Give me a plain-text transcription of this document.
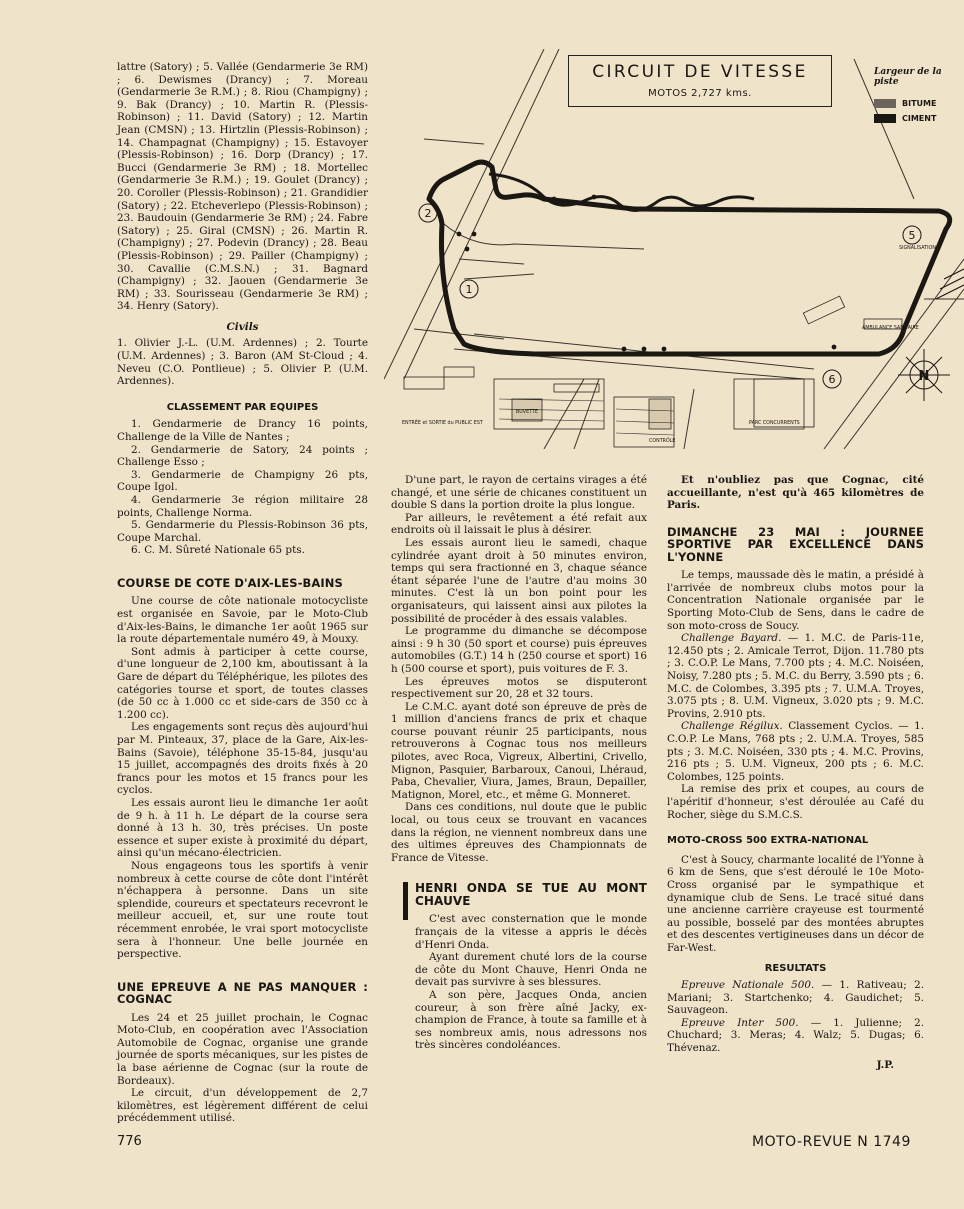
lattre (Satory) ; 5. Vallée (Gendarmerie 3e RM) ; 6. Dewismes (Drancy) ; 7. Moreau (Gendarmerie 3e R.M.) ; 8. Riou (Champigny) ; 9. Bak (Drancy) ; 10. Martin R. (Plessis-Robinson) ; 11. David (Satory) ; 12. Martin Jean (CMSN) ; 13. Hirtzlin (Plessis-Robinson) ; 14. Champagnat (Champigny) ; 15. Estavoyer (Plessis-Robinson) ; 16. Dorp (Drancy) ; 17. Bucci (Gendarmerie 3e RM) ; 18. Mortellec (Gendarmerie 3e R.M.) ; 19. Goulet (Drancy) ; 20. Coroller (Plessis-Robinson) ; 21. Grandidier (Satory) ; 22. Etcheverlepo (Plessis-Robinson) ; 23. Baudouin (Gendarmerie 3e RM) ; 24. Fabre (Satory) ; 25. Giral (CMSN) ; 26. Martin R. (Champigny) ; 27. Podevin (Drancy) ; 28. Beau (Plessis-Robinson) ; 29. Pailler (Champigny) ; 30. Cavallie (C.M.S.N.) ; 31. Bagnard (Champigny) ; 32. Jaouen (Gendarmerie 3e RM) ; 33. Sourisseau (Gendarmerie 3e RM) ; 34. Henry (Satory).

Civils

1. Olivier J.-L. (U.M. Ardennes) ; 2. Tourte (U.M. Ardennes) ; 3. Baron (AM St-Cloud ; 4. Neveu (C.O. Pontlieue) ; 5. Olivier P. (U.M. Ardennes).

CLASSEMENT PAR EQUIPES

1. Gendarmerie de Drancy 16 points, Challenge de la Ville de Nantes ;

2. Gendarmerie de Satory, 24 points ; Challenge Esso ;

3. Gendarmerie de Champigny 26 pts, Coupe Igol.

4. Gendarmerie 3e région militaire 28 points, Challenge Norma.

5. Gendarmerie du Plessis-Robinson 36 pts, Coupe Marchal.

6. C. M. Sûreté Nationale 65 pts.

COURSE DE COTE D'AIX-LES-BAINS

Une course de côte nationale motocycliste est organisée en Savoie, par le Moto-Club d'Aix-les-Bains, le dimanche 1er août 1965 sur la route départementale numéro 49, à Mouxy.

Sont admis à participer à cette course, d'une longueur de 2,100 km, aboutissant à la Gare de départ du Téléphérique, les pilotes des catégories tourse et sport, de toutes classes (de 50 cc à 1.000 cc et side-cars de 350 cc à 1.200 cc).

Les engagements sont reçus dès aujourd'hui par M. Pinteaux, 37, place de la Gare, Aix-les-Bains (Savoie), téléphone 35-15-84, jusqu'au 15 juillet, accompagnés des droits fixés à 20 francs pour les motos et 15 francs pour les cyclos.

Les essais auront lieu le dimanche 1er août de 9 h. à 11 h. Le départ de la course sera donné à 13 h. 30, très précises. Un poste essence et super existe à proximité du départ, ainsi qu'un mécano-électricien.

Nous engageons tous les sportifs à venir nombreux à cette course de côte dont l'intérêt n'échappera à personne. Dans un site splendide, coureurs et spectateurs recevront le meilleur accueil, et, sur une route tout récemment enrobée, le vrai sport motocycliste sera à l'honneur. Une belle journée en perspective.

UNE EPREUVE A NE PAS MANQUER : COGNAC

Les 24 et 25 juillet prochain, le Cognac Moto-Club, en coopération avec l'Association Automobile de Cognac, organise une grande journée de sports mécaniques, sur les pistes de la base aérienne de Cognac (sur la route de Bordeaux).

Le circuit, d'un développement de 2,7 kilomètres, est légèrement différent de celui précédemment utilisé.

2
1
5
6	N
ENTRÉE et SORTIE du PUBLIC EST	PARC CONCURRENTS
BUVETTE
CONTRÔLE
SIGNALISATION
AMBULANCE SANITAIRE
CIRCUIT DE VITESSE
MOTOS 2,727 kms.
Largeur de la piste
BITUME
CIMENT

D'une part, le rayon de certains virages a été changé, et une série de chicanes constituent un double S dans la portion droite la plus longue.

Par ailleurs, le revêtement a été refait aux endroits où il laissait le plus à désirer.

Les essais auront lieu le samedi, chaque cylindrée ayant droit à 50 minutes environ, temps qui sera fractionné en 3, chaque séance étant séparée l'une de l'autre d'au moins 30 minutes. C'est là un bon point pour les organisateurs, qui laissent ainsi aux pilotes la possibilité de procéder à des essais valables.

Le programme du dimanche se décompose ainsi : 9 h 30 (50 sport et course) puis épreuves automobiles (G.T.) 14 h (250 course et sport) 16 h (500 course et sport), puis voitures de F. 3.

Les épreuves motos se disputeront respectivement sur 20, 28 et 32 tours.

Le C.M.C. ayant doté son épreuve de près de 1 million d'anciens francs de prix et chaque course pouvant réunir 25 participants, nous retrouverons à Cognac tous nos meilleurs pilotes, avec Roca, Vigreux, Albertini, Crivello, Mignon, Pasquier, Barbaroux, Canoui, Lhéraud, Paba, Chevalier, Viura, James, Braun, Depailler, Matignon, Morel, etc., et même G. Monneret.

Dans ces conditions, nul doute que le public local, ou tous ceux se trouvant en vacances dans la région, ne viennent nombreux dans une des ultimes épreuves des Championnats de France de Vitesse.

HENRI ONDA SE TUE AU MONT CHAUVE

C'est avec consternation que le monde français de la vitesse a appris le décès d'Henri Onda.

Ayant durement chuté lors de la course de côte du Mont Chauve, Henri Onda ne devait pas survivre à ses blessures.

A son père, Jacques Onda, ancien coureur, à son frère aîné Jacky, ex-champion de France, à toute sa famille et à ses nombreux amis, nous adressons nos très sincères condoléances.

Et n'oubliez pas que Cognac, cité accueillante, n'est qu'à 465 kilomètres de Paris.

DIMANCHE 23 MAI : JOURNEE SPORTIVE PAR EXCELLENCE DANS L'YONNE

Le temps, maussade dès le matin, a présidé à l'arrivée de nombreux clubs motos pour la Concentration Nationale organisée par le Sporting Moto-Club de Sens, dans le cadre de son moto-cross de Soucy.

Challenge Bayard. — 1. M.C. de Paris-11e, 12.450 pts ; 2. Amicale Terrot, Dijon. 11.780 pts ; 3. C.O.P. Le Mans, 7.700 pts ; 4. M.C. Noiséen, Noisy, 7.280 pts ; 5. M.C. du Berry, 3.590 pts ; 6. M.C. de Colombes, 3.395 pts ; 7. U.M.A. Troyes, 3.075 pts ; 8. U.M. Vigneux, 3.020 pts ; 9. M.C. Provins, 2.910 pts.

Challenge Régilux. Classement Cyclos. — 1. C.O.P. Le Mans, 768 pts ; 2. U.M.A. Troyes, 585 pts ; 3. M.C. Noiséen, 330 pts ; 4. M.C. Provins, 216 pts ; 5. U.M. Vigneux, 200 pts ; 6. M.C. Colombes, 125 points.

La remise des prix et coupes, au cours de l'apéritif d'honneur, s'est déroulée au Café du Rocher, siège du S.M.C.S.

MOTO-CROSS 500 EXTRA-NATIONAL

C'est à Soucy, charmante localité de l'Yonne à 6 km de Sens, que s'est déroulé le 10e Moto-Cross organisé par le sympathique et dynamique club de Sens. Le tracé situé dans une ancienne carrière crayeuse est tourmenté au possible, bosselé par des montées abruptes et des descentes vertigineuses dans un décor de Far-West.

RESULTATS

Epreuve Nationale 500. — 1. Rativeau; 2. Mariani; 3. Startchenko; 4. Gaudichet; 5. Sauvageon.

Epreuve Inter 500. — 1. Julienne; 2. Chuchard; 3. Meras; 4. Walz; 5. Dugas; 6. Thévenaz.

J.P.
776	MOTO-REVUE N 1749
